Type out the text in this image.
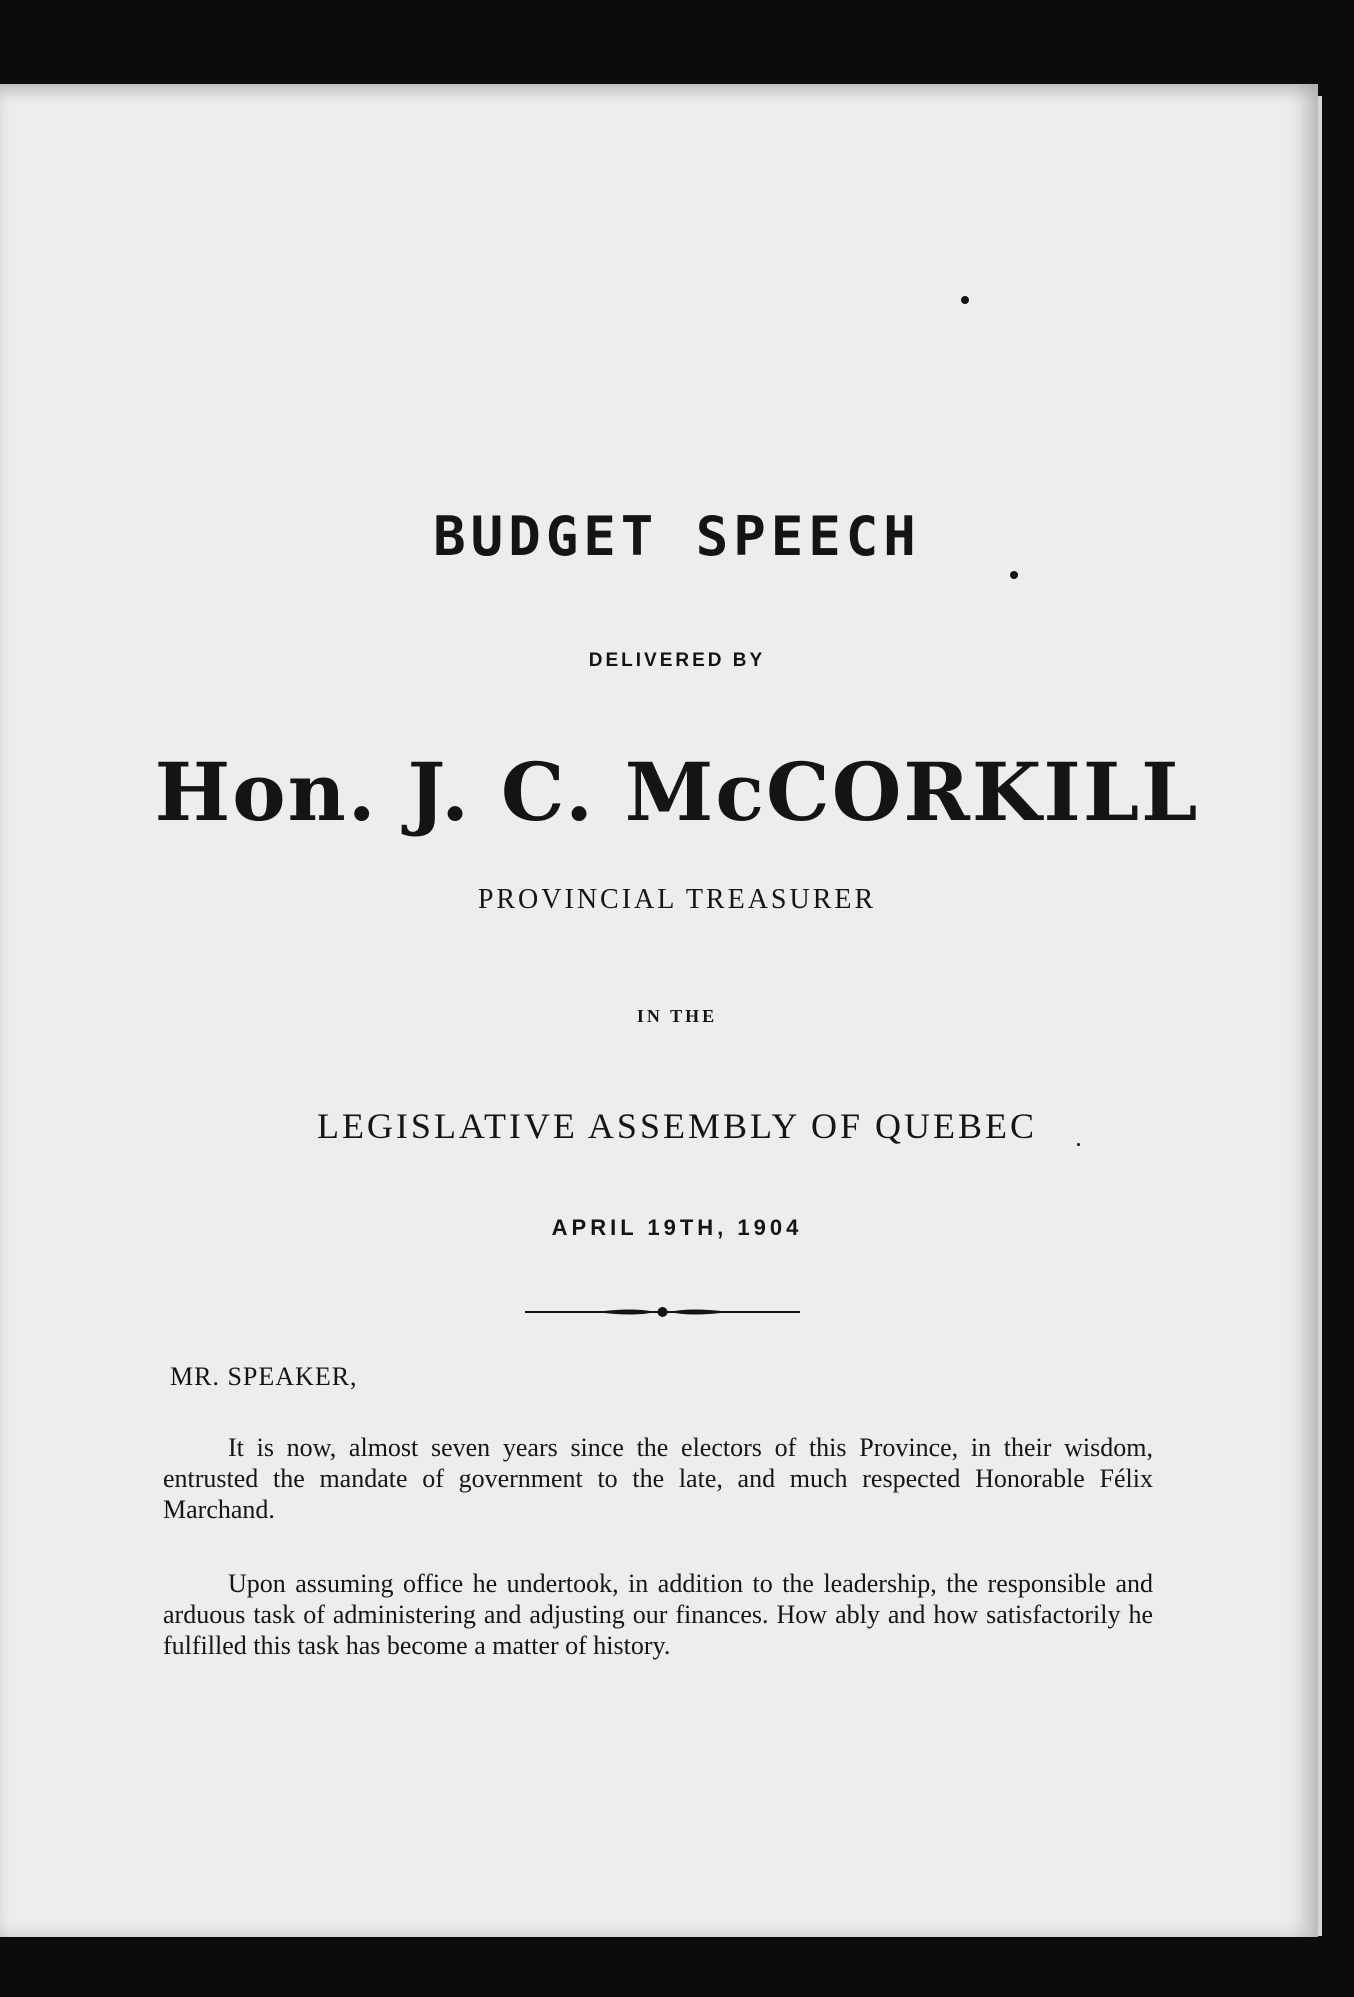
BUDGET SPEECH
DELIVERED BY
Hon. J. C. McCORKILL
PROVINCIAL TREASURER
IN THE
LEGISLATIVE ASSEMBLY OF QUEBEC
APRIL 19TH, 1904
MR. SPEAKER,

It is now, almost seven years since the electors of this Province, in their wisdom, entrusted the mandate of government to the late, and much respected Honorable Félix Marchand.

Upon assuming office he undertook, in addition to the leadership, the responsible and arduous task of administering and adjusting our finances. How ably and how satisfactorily he fulfilled this task has become a matter of history.
